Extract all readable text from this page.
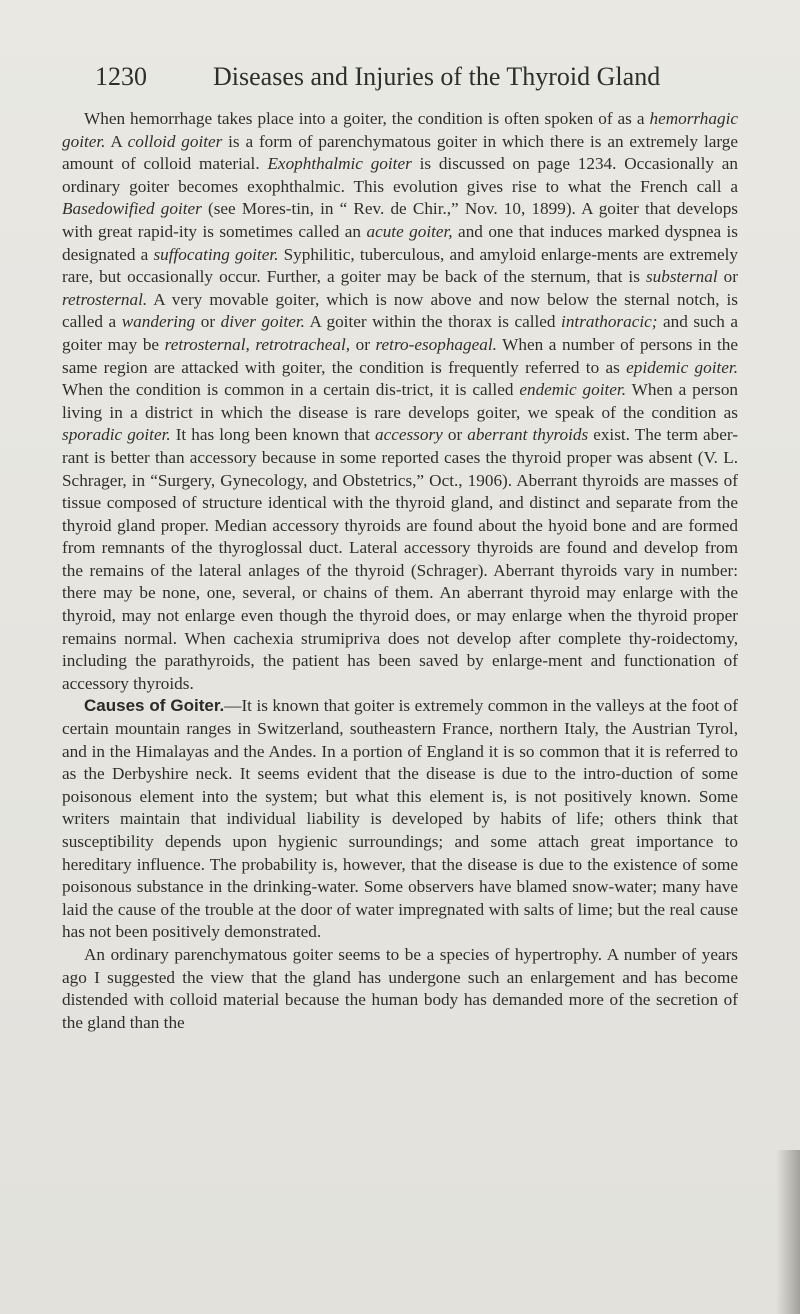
1230	Diseases and Injuries of the Thyroid Gland

When hemorrhage takes place into a goiter, the condition is often spoken of as a hemorrhagic goiter. A colloid goiter is a form of parenchymatous goiter in which there is an extremely large amount of colloid material. Exophthalmic goiter is discussed on page 1234. Occasionally an ordinary goiter becomes exophthalmic. This evolution gives rise to what the French call a Basedowified goiter (see Mores-tin, in “ Rev. de Chir.,” Nov. 10, 1899). A goiter that develops with great rapid-ity is sometimes called an acute goiter, and one that induces marked dyspnea is designated a suffocating goiter. Syphilitic, tuberculous, and amyloid enlarge-ments are extremely rare, but occasionally occur. Further, a goiter may be back of the sternum, that is substernal or retrosternal. A very movable goiter, which is now above and now below the sternal notch, is called a wandering or diver goiter. A goiter within the thorax is called intrathoracic; and such a goiter may be retrosternal, retrotracheal, or retro-esophageal. When a number of persons in the same region are attacked with goiter, the condition is frequently referred to as epidemic goiter. When the condition is common in a certain dis-trict, it is called endemic goiter. When a person living in a district in which the disease is rare develops goiter, we speak of the condition as sporadic goiter. It has long been known that accessory or aberrant thyroids exist. The term aber-rant is better than accessory because in some reported cases the thyroid proper was absent (V. L. Schrager, in “Surgery, Gynecology, and Obstetrics,” Oct., 1906). Aberrant thyroids are masses of tissue composed of structure identical with the thyroid gland, and distinct and separate from the thyroid gland proper. Median accessory thyroids are found about the hyoid bone and are formed from remnants of the thyroglossal duct. Lateral accessory thyroids are found and develop from the remains of the lateral anlages of the thyroid (Schrager). Aberrant thyroids vary in number: there may be none, one, several, or chains of them. An aberrant thyroid may enlarge with the thyroid, may not enlarge even though the thyroid does, or may enlarge when the thyroid proper remains normal. When cachexia strumipriva does not develop after complete thy-roidectomy, including the parathyroids, the patient has been saved by enlarge-ment and functionation of accessory thyroids.

Causes of Goiter.—It is known that goiter is extremely common in the valleys at the foot of certain mountain ranges in Switzerland, southeastern France, northern Italy, the Austrian Tyrol, and in the Himalayas and the Andes. In a portion of England it is so common that it is referred to as the Derbyshire neck. It seems evident that the disease is due to the intro-duction of some poisonous element into the system; but what this element is, is not positively known. Some writers maintain that individual liability is developed by habits of life; others think that susceptibility depends upon hygienic surroundings; and some attach great importance to hereditary influence. The probability is, however, that the disease is due to the existence of some poisonous substance in the drinking-water. Some observers have blamed snow-water; many have laid the cause of the trouble at the door of water impregnated with salts of lime; but the real cause has not been positively demonstrated.

An ordinary parenchymatous goiter seems to be a species of hypertrophy. A number of years ago I suggested the view that the gland has undergone such an enlargement and has become distended with colloid material because the human body has demanded more of the secretion of the gland than the
